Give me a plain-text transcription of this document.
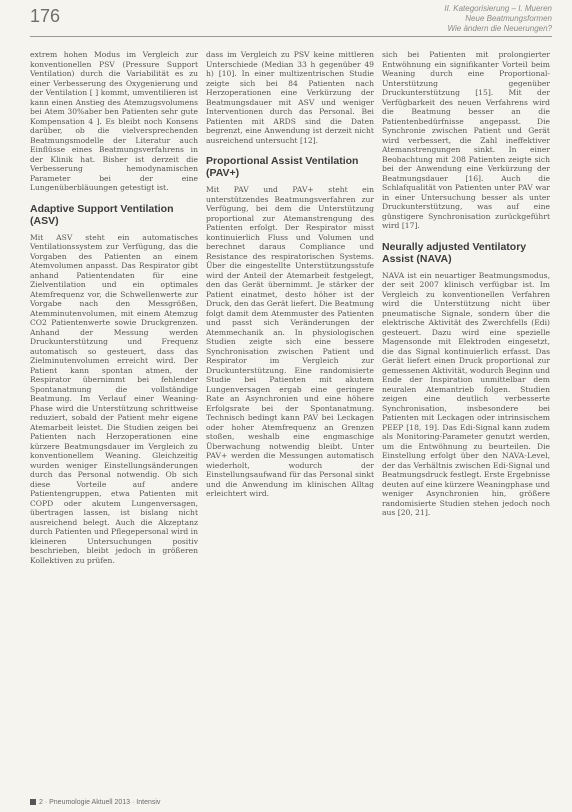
176	II. Kategorisierung – I. Mueren
Neue Beatmungsformen
Wie ändern die Neuerungen?

extrem hohen Modus im Vergleich zur konventionellen PSV (Pressure Support Ventilation) durch die Variabilität es zu einer Verbesserung des Oxygenierung und der Ventilation [ ] kommt, umventilieren ist kann einen Anstieg des Atemzugsvolumens bei Atem 30%aber ben Patienten sehr gute Kompensation 4 ]. Es bleibt noch Konsens darüber, ob die vielversprechenden Beatmungsmodelle der Literatur auch Einflüsse eines Beatmungsverfahrens in der Klinik hat. Bisher ist derzeit die Verbesserung hemodynamischen Parameter bei der eine Lungenüberbläuungen getestigt ist.

Adaptive Support Ventilation (ASV)

Mit ASV steht ein automatisches Ventilationssystem zur Verfügung, das die Vorgaben des Patienten an einem Atemvolumen anpasst. Das Respirator gibt anhand Patientendaten für eine Zielventilation und ein optimales Atemfrequenz vor, die Schwellenwerte zur Vorgabe nach den Messgrößen, Atemminutenvolumen, mit einem Atemzug CO2 Patientenwerte sowie Druckgrenzen. Anhand der Messung werden Druckunterstützung und Frequenz automatisch so gesteuert, dass das Zielminutenvolumen erreicht wird. Der Patient kann spontan atmen, der Respirator übernimmt bei fehlender Spontanatmung die vollständige Beatmung. Im Verlauf einer Weaning-Phase wird die Unterstützung schrittweise reduziert, sobald der Patient mehr eigene Atemarbeit leistet. Die Studien zeigen bei Patienten nach Herzoperationen eine kürzere Beatmungsdauer im Vergleich zu konventionellem Weaning. Gleichzeitig wurden weniger Einstellungsänderungen durch das Personal notwendig. Ob sich diese Vorteile auf andere Patientengruppen, etwa Patienten mit COPD oder akutem Lungenversagen, übertragen lassen, ist bislang nicht ausreichend belegt. Auch die Akzeptanz durch Patienten und Pflegepersonal wird in kleineren Untersuchungen positiv beschrieben, bleibt jedoch in größeren Kollektiven zu prüfen.

dass im Vergleich zu PSV keine mittleren Unterschiede (Median 33 h gegenüber 49 h) [10]. In einer multizentrischen Studie zeigte sich bei 84 Patienten nach Herzoperationen eine Verkürzung der Beatmungsdauer mit ASV und weniger Interventionen durch das Personal. Bei Patienten mit ARDS sind die Daten begrenzt, eine Anwendung ist derzeit nicht ausreichend untersucht [12].

Proportional Assist Ventilation (PAV+)

Mit PAV und PAV+ steht ein unterstützendes Beatmungsverfahren zur Verfügung, bei dem die Unterstützung proportional zur Atemanstrengung des Patienten erfolgt. Der Respirator misst kontinuierlich Fluss und Volumen und berechnet daraus Compliance und Resistance des respiratorischen Systems. Über die eingestellte Unterstützungsstufe wird der Anteil der Atemarbeit festgelegt, den das Gerät übernimmt. Je stärker der Patient einatmet, desto höher ist der Druck, den das Gerät liefert. Die Beatmung folgt damit dem Atemmuster des Patienten und passt sich Veränderungen der Atemmechanik an. In physiologischen Studien zeigte sich eine bessere Synchronisation zwischen Patient und Respirator im Vergleich zur Druckunterstützung. Eine randomisierte Studie bei Patienten mit akutem Lungenversagen ergab eine geringere Rate an Asynchronien und eine höhere Erfolgsrate bei der Spontanatmung. Technisch bedingt kann PAV bei Leckagen oder hoher Atemfrequenz an Grenzen stoßen, weshalb eine engmaschige Überwachung notwendig bleibt. Unter PAV+ werden die Messungen automatisch wiederholt, wodurch der Einstellungsaufwand für das Personal sinkt und die Anwendung im klinischen Alltag erleichtert wird.

sich bei Patienten mit prolongierter Entwöhnung ein signifikanter Vorteil beim Weaning durch eine Proportional-Unterstützung gegenüber Druckunterstützung [15]. Mit der Verfügbarkeit des neuen Verfahrens wird die Beatmung besser an die Patientenbedürfnisse angepasst. Die Synchronie zwischen Patient und Gerät wird verbessert, die Zahl ineffektiver Atemanstrengungen sinkt. In einer Beobachtung mit 208 Patienten zeigte sich bei der Anwendung eine Verkürzung der Beatmungsdauer [16]. Auch die Schlafqualität von Patienten unter PAV war in einer Untersuchung besser als unter Druckunterstützung, was auf eine günstigere Synchronisation zurückgeführt wird [17].

Neurally adjusted Ventilatory Assist (NAVA)

NAVA ist ein neuartiger Beatmungsmodus, der seit 2007 klinisch verfügbar ist. Im Vergleich zu konventionellen Verfahren wird die Unterstützung nicht über pneumatische Signale, sondern über die elektrische Aktivität des Zwerchfells (Edi) gesteuert. Dazu wird eine spezielle Magensonde mit Elektroden eingesetzt, die das Signal kontinuierlich erfasst. Das Gerät liefert einen Druck proportional zur gemessenen Aktivität, wodurch Beginn und Ende der Inspiration unmittelbar dem neuralen Atemantrieb folgen. Studien zeigen eine deutlich verbesserte Synchronisation, insbesondere bei Patienten mit Leckagen oder intrinsischem PEEP [18, 19]. Das Edi-Signal kann zudem als Monitoring-Parameter genutzt werden, um die Entwöhnung zu beurteilen. Die Einstellung erfolgt über den NAVA-Level, der das Verhältnis zwischen Edi-Signal und Beatmungsdruck festlegt. Erste Ergebnisse deuten auf eine kürzere Weaningphase und weniger Asynchronien hin, größere randomisierte Studien stehen jedoch noch aus [20, 21].

2 · Pneumologie Aktuell 2013 · Intensiv
